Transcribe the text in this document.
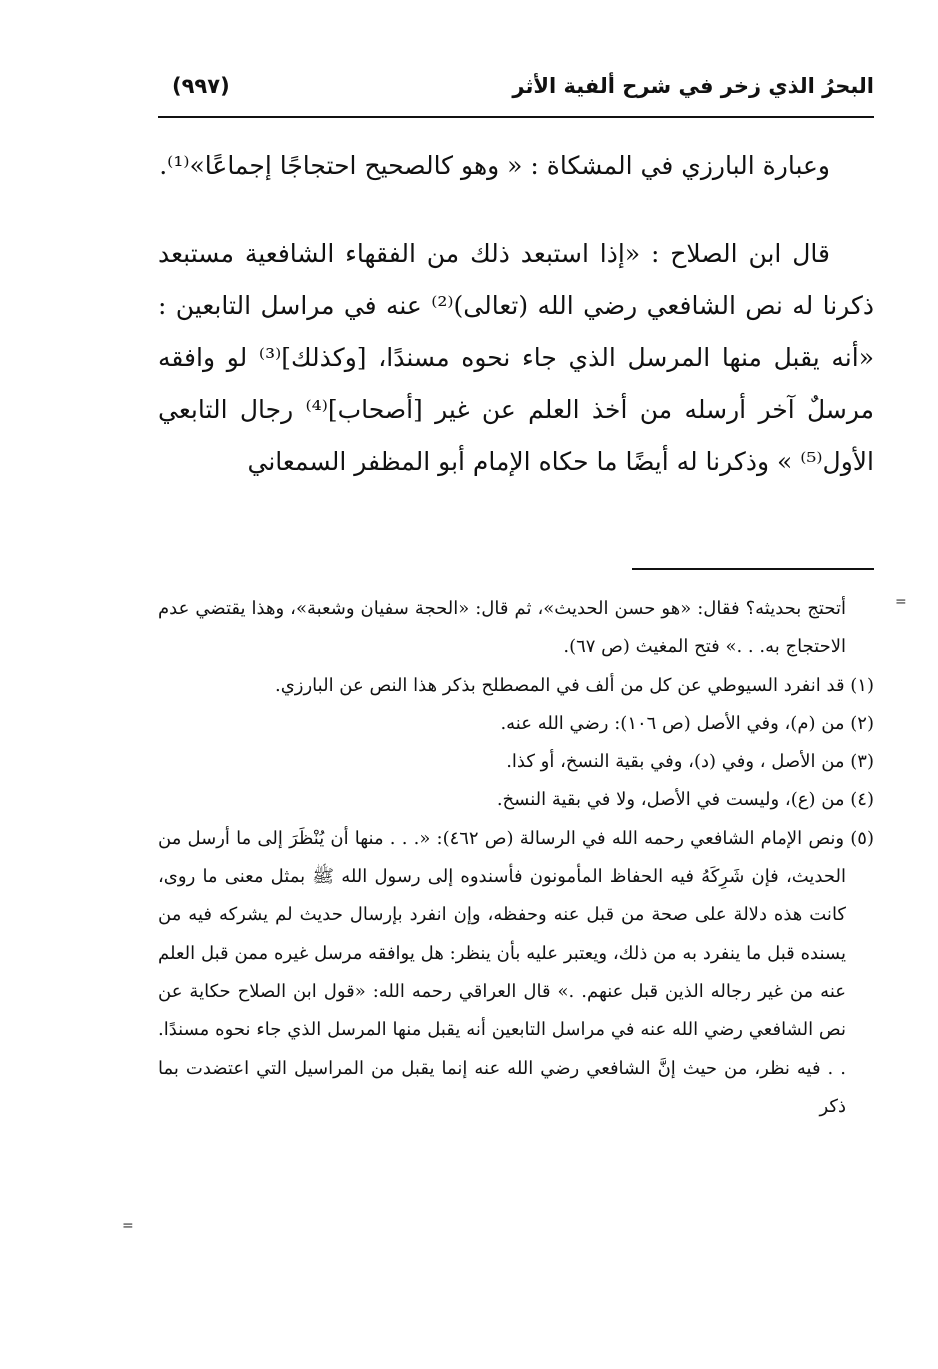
البحرُ الذي زخر في شرح ألفية الأثر
(٩٩٧)

وعبارة البارزي في المشكاة : « وهو كالصحيح احتجاجًا إجماعًا»⁽¹⁾.

قال ابن الصلاح : «إذا استبعد ذلك من الفقهاء الشافعية مستبعد ذكرنا له نص الشافعي رضي الله (تعالى)⁽²⁾ عنه في مراسل التابعين : «أنه يقبل منها المرسل الذي جاء نحوه مسندًا، [وكذلك]⁽³⁾ لو وافقه مرسلٌ آخر أرسله من أخذ العلم عن غير [أصحاب]⁽⁴⁾ رجال التابعي الأول⁽⁵⁾ » وذكرنا له أيضًا ما حكاه الإمام أبو المظفر السمعاني

أتحتج بحديثه؟ فقال: «هو حسن الحديث»، ثم قال: «الحجة سفيان وشعبة»، وهذا يقتضي عدم الاحتجاج به. . .» فتح المغيث (ص ٦٧).

(١) قد انفرد السيوطي عن كل من ألف في المصطلح بذكر هذا النص عن البارزي.

(٢) من (م)، وفي الأصل (ص ١٠٦): رضي الله عنه.

(٣) من الأصل ، وفي (د)، وفي بقية النسخ، أو كذا.

(٤) من (ع)، وليست في الأصل، ولا في بقية النسخ.

(٥) ونص الإمام الشافعي رحمه الله في الرسالة (ص ٤٦٢): «. . . منها أن يُنْظَرَ إلى ما أرسل من الحديث، فإن شَرِكَهُ فيه الحفاظ المأمونون فأسندوه إلى رسول الله ﷺ بمثل معنى ما روى، كانت هذه دلالة على صحة من قبل عنه وحفظه، وإن انفرد بإرسال حديث لم يشركه فيه من يسنده قبل ما ينفرد به من ذلك، ويعتبر عليه بأن ينظر: هل يوافقه مرسل غيره ممن قبل العلم عنه من غير رجاله الذين قبل عنهم. .» قال العراقي رحمه الله: «قول ابن الصلاح حكاية عن نص الشافعي رضي الله عنه في مراسل التابعين أنه يقبل منها المرسل الذي جاء نحوه مسندًا. . . فيه نظر، من حيث إنَّ الشافعي رضي الله عنه إنما يقبل من المراسيل التي اعتضدت بما ذكر

=
=
